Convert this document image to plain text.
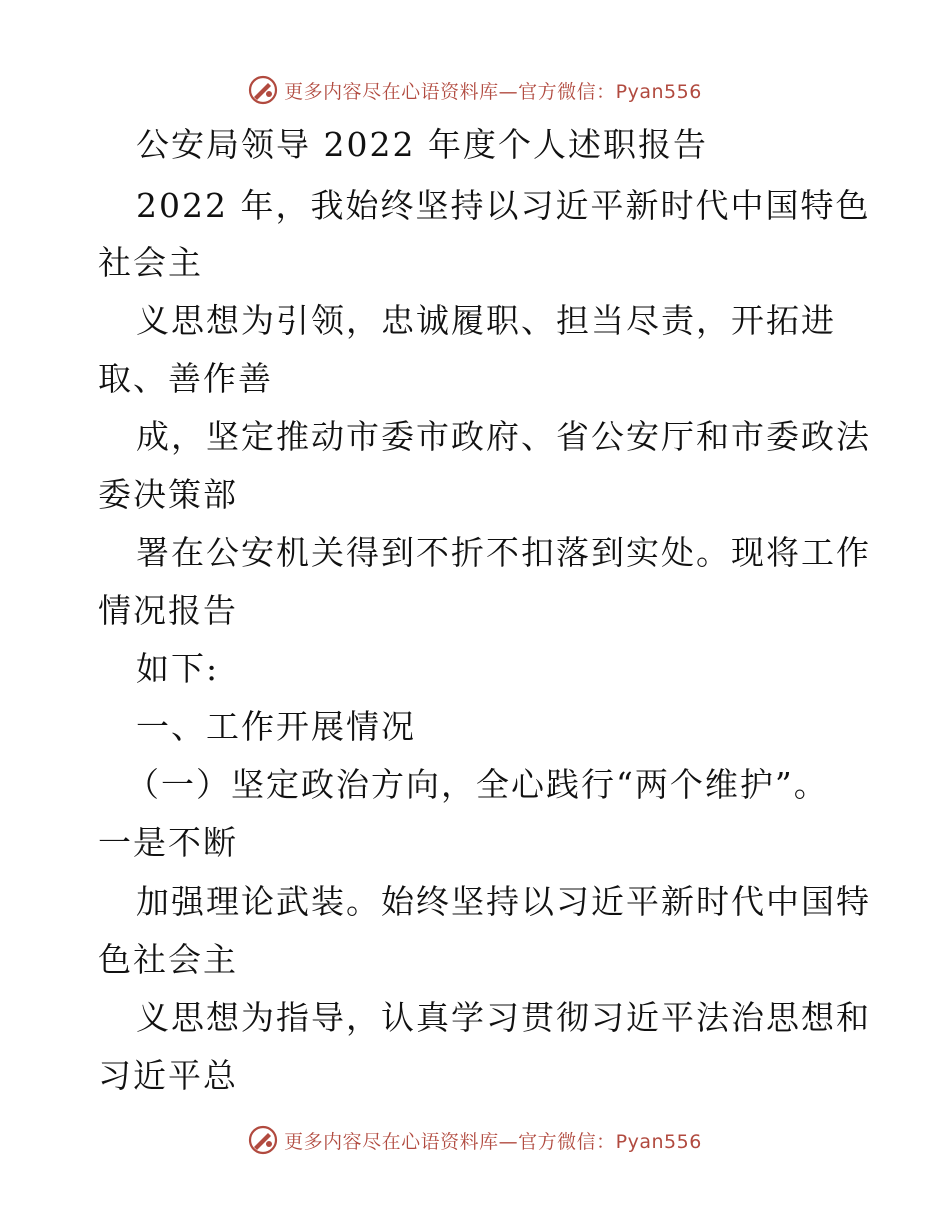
更多内容尽在心语资料库—官方微信：Pyan556
公安局领导 2022 年度个人述职报告
2022 年，我始终坚持以习近平新时代中国特色
社会主
义思想为引领，忠诚履职、担当尽责，开拓进
取、善作善
成，坚定推动市委市政府、省公安厅和市委政法
委决策部
署在公安机关得到不折不扣落到实处。现将工作
情况报告
如下:
一、工作开展情况
（一）坚定政治方向，全心践行“两个维护”。
一是不断
加强理论武装。始终坚持以习近平新时代中国特
色社会主
义思想为指导，认真学习贯彻习近平法治思想和
习近平总
更多内容尽在心语资料库—官方微信：Pyan556
